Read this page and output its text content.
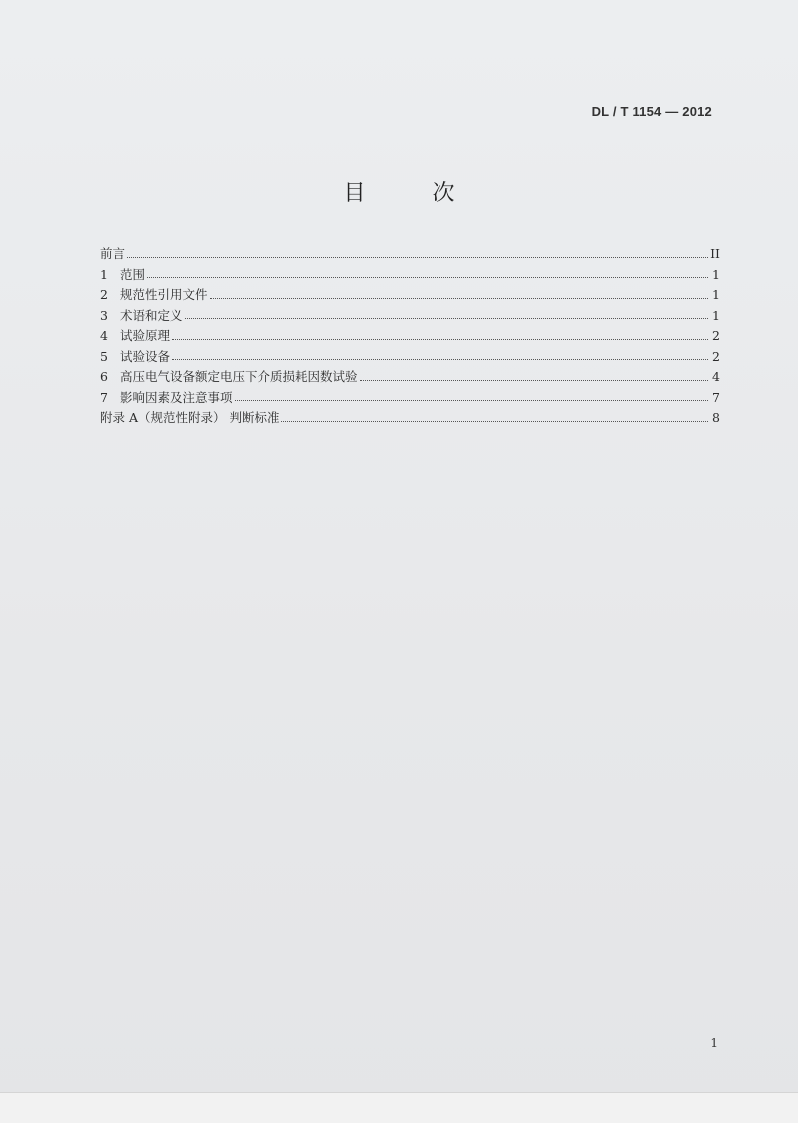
DL / T 1154 — 2012
目 次
前言	II
1 范围	1
2 规范性引用文件	1
3 术语和定义	1
4 试验原理	2
5 试验设备	2
6 高压电气设备额定电压下介质损耗因数试验	4
7 影响因素及注意事项	7
附录 A（规范性附录） 判断标准	8
1
